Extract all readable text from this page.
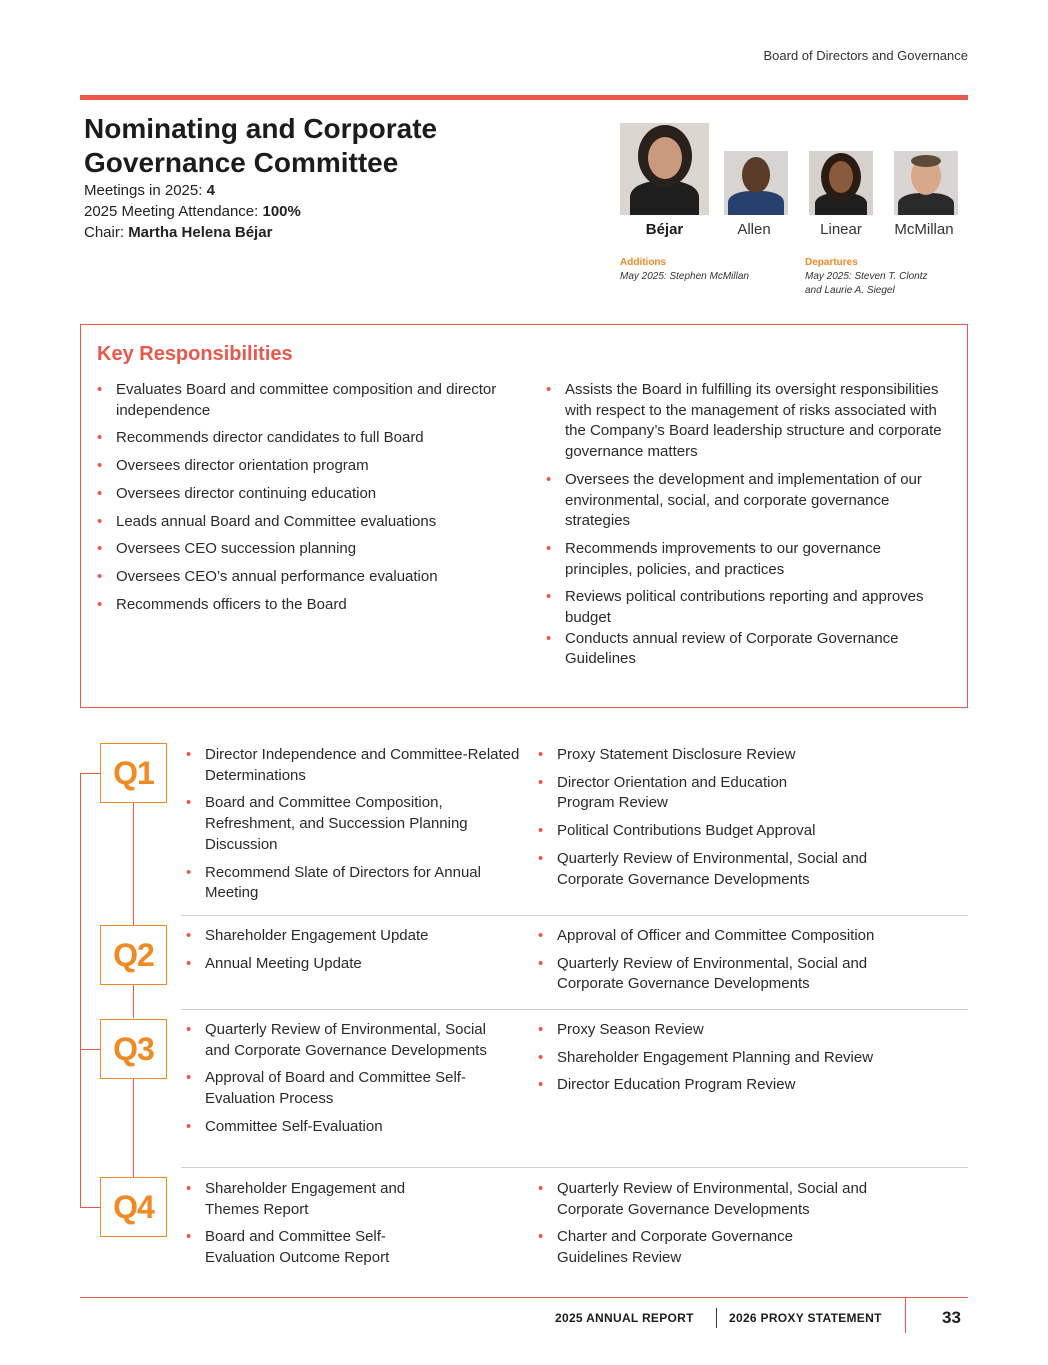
Board of Directors and Governance
Nominating and Corporate Governance Committee
Meetings in 2025: 4
2025 Meeting Attendance: 100%
Chair: Martha Helena Béjar	Béjar	Allen	Linear	McMillan
Additions
May 2025: Stephen McMillan
Departures
May 2025: Steven T. Clontz
and Laurie A. Siegel
Key Responsibilities
• Evaluates Board and committee composition and director independence
• Recommends director candidates to full Board
• Oversees director orientation program
• Oversees director continuing education
• Leads annual Board and Committee evaluations
• Oversees CEO succession planning
• Oversees CEO’s annual performance evaluation
• Recommends officers to the Board
• Assists the Board in fulfilling its oversight responsibilities with respect to the management of risks associated with the Company’s Board leadership structure and corporate governance matters
• Oversees the development and implementation of our environmental, social, and corporate governance strategies
• Recommends improvements to our governance principles, policies, and practices
• Reviews political contributions reporting and approves budget
• Conducts annual review of Corporate Governance Guidelines
Q1
Q2
Q3
Q4
• Director Independence and Committee-Related Determinations
• Board and Committee Composition, Refreshment, and Succession Planning Discussion
• Recommend Slate of Directors for Annual Meeting
• Proxy Statement Disclosure Review
• Director Orientation and Education Program Review
• Political Contributions Budget Approval
• Quarterly Review of Environmental, Social and Corporate Governance Developments
• Shareholder Engagement Update
• Annual Meeting Update
• Approval of Officer and Committee Composition
• Quarterly Review of Environmental, Social and Corporate Governance Developments
• Quarterly Review of Environmental, Social and Corporate Governance Developments
• Approval of Board and Committee Self-Evaluation Process
• Committee Self-Evaluation
• Proxy Season Review
• Shareholder Engagement Planning and Review
• Director Education Program Review
• Shareholder Engagement and Themes Report
• Board and Committee Self-Evaluation Outcome Report
• Quarterly Review of Environmental, Social and Corporate Governance Developments
• Charter and Corporate Governance Guidelines Review
2025 ANNUAL REPORT	2026 PROXY STATEMENT	33
